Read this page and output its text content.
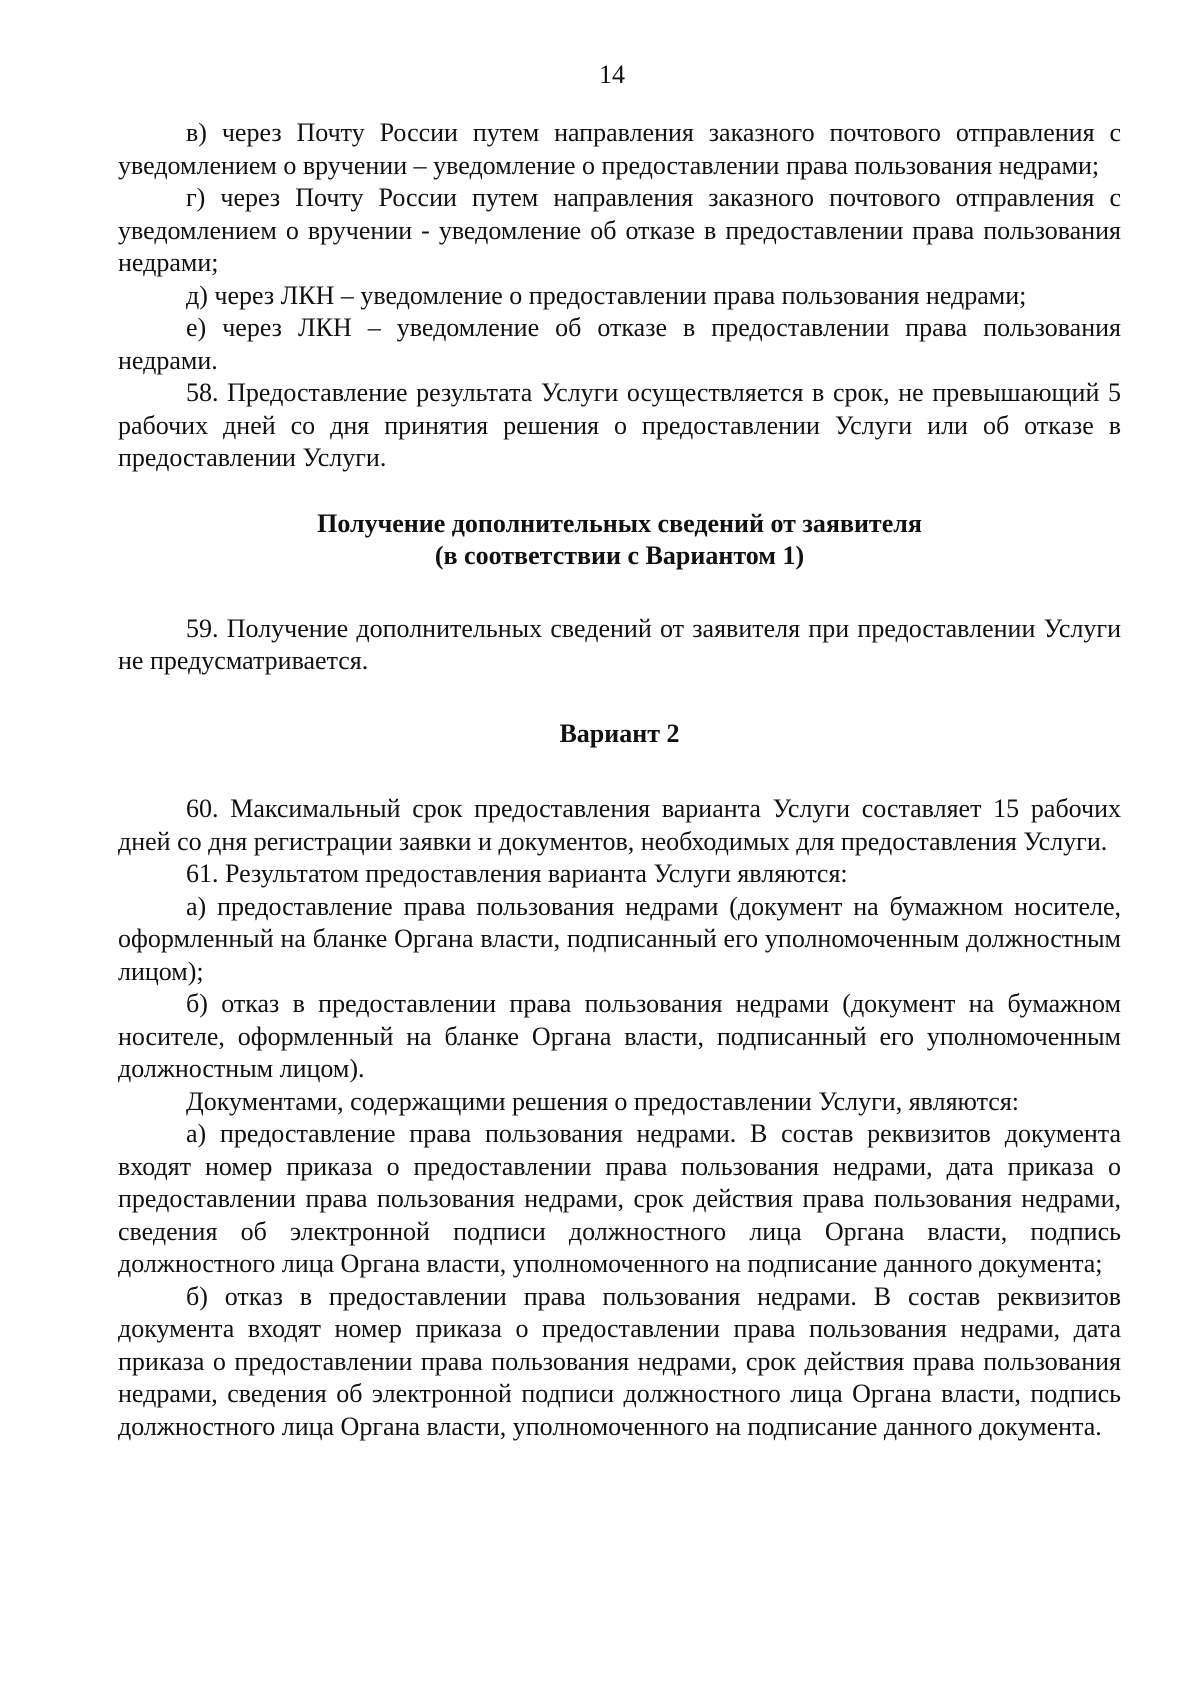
14

в) через Почту России путем направления заказного почтового отправления с уведомлением о вручении – уведомление о предоставлении права пользования недрами;

г) через Почту России путем направления заказного почтового отправления с уведомлением о вручении - уведомление об отказе в предоставлении права пользования недрами;

д) через ЛКН – уведомление о предоставлении права пользования недрами;

е) через ЛКН – уведомление об отказе в предоставлении права пользования недрами.

58. Предоставление результата Услуги осуществляется в срок, не превышающий 5 рабочих дней со дня принятия решения о предоставлении Услуги или об отказе в предоставлении Услуги.

Получение дополнительных сведений от заявителя

(в соответствии с Вариантом 1)

59. Получение дополнительных сведений от заявителя при предоставлении Услуги не предусматривается.

Вариант 2

60. Максимальный срок предоставления варианта Услуги составляет 15 рабочих дней со дня регистрации заявки и документов, необходимых для предоставления Услуги.

61. Результатом предоставления варианта Услуги являются:

а) предоставление права пользования недрами (документ на бумажном носителе, оформленный на бланке Органа власти, подписанный его уполномоченным должностным лицом);

б) отказ в предоставлении права пользования недрами (документ на бумажном носителе, оформленный на бланке Органа власти, подписанный его уполномоченным должностным лицом).

Документами, содержащими решения о предоставлении Услуги, являются:

а) предоставление права пользования недрами. В состав реквизитов документа входят номер приказа о предоставлении права пользования недрами, дата приказа о предоставлении права пользования недрами, срок действия права пользования недрами, сведения об электронной подписи должностного лица Органа власти, подпись должностного лица Органа власти, уполномоченного на подписание данного документа;

б) отказ в предоставлении права пользования недрами. В состав реквизитов документа входят номер приказа о предоставлении права пользования недрами, дата приказа о предоставлении права пользования недрами, срок действия права пользования недрами, сведения об электронной подписи должностного лица Органа власти, подпись должностного лица Органа власти, уполномоченного на подписание данного документа.
